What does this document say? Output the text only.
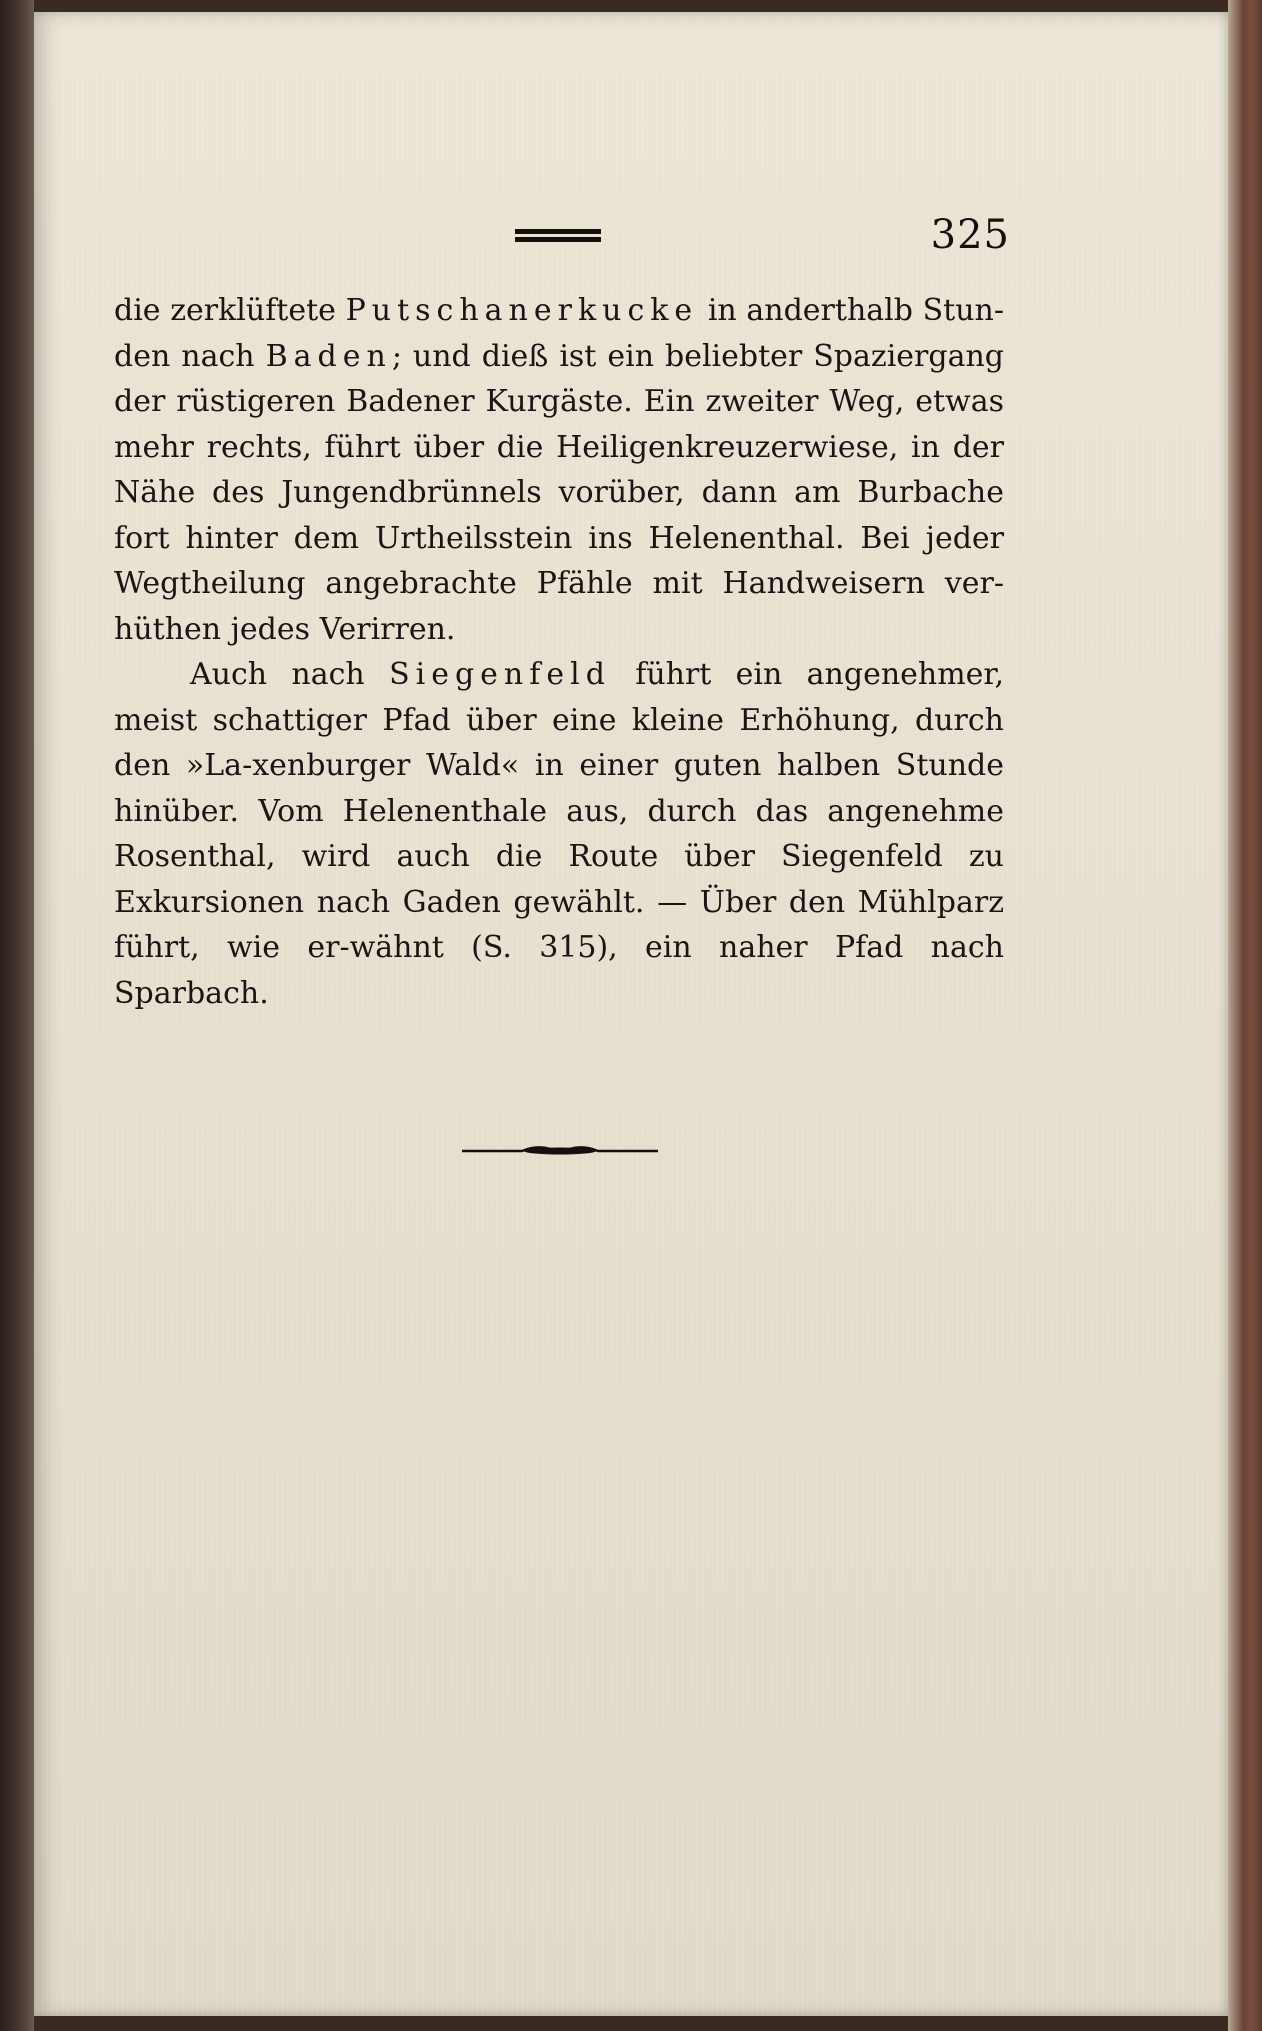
325

die zerklüftete Putschanerkucke in anderthalb Stun-den nach Baden; und dieß ist ein beliebter Spaziergang der rüstigeren Badener Kurgäste. Ein zweiter Weg, etwas mehr rechts, führt über die Heiligenkreuzerwiese, in der Nähe des Jungendbrünnels vorüber, dann am Burbache fort hinter dem Urtheilsstein ins Helenenthal. Bei jeder Wegtheilung angebrachte Pfähle mit Handweisern ver-hüthen jedes Verirren.

Auch nach Siegenfeld führt ein angenehmer, meist schattiger Pfad über eine kleine Erhöhung, durch den »La-xenburger Wald« in einer guten halben Stunde hinüber. Vom Helenenthale aus, durch das angenehme Rosenthal, wird auch die Route über Siegenfeld zu Exkursionen nach Gaden gewählt. — Über den Mühlparz führt, wie er-wähnt (S. 315), ein naher Pfad nach Sparbach.
